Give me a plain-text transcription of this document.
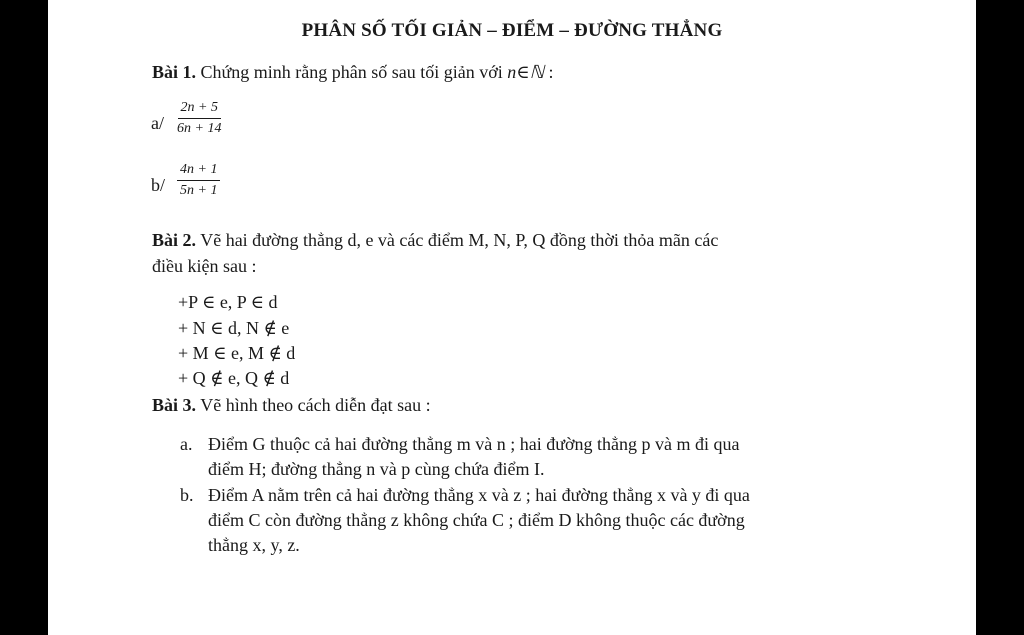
PHÂN SỐ TỐI GIẢN – ĐIỂM – ĐƯỜNG THẲNG
Bài 1. Chứng minh rằng phân số sau tối giản với n∈ℕ :
$a/ \frac{2n + 5}{6n + 14}$
$b/ \frac{4n + 1}{5n + 1}$
Bài 2. Vẽ hai đường thẳng d, e và các điểm M, N, P, Q đồng thời thỏa mãn các
điều kiện sau :
+P ∈ e, P ∈ d
+ N ∈ d, N ∉ e
+ M ∈ e, M ∉ d
+ Q ∉ e, Q ∉ d
Bài 3. Vẽ hình theo cách diễn đạt sau :
a. Điểm G thuộc cả hai đường thẳng m và n ; hai đường thẳng p và m đi qua
điểm H; đường thẳng n và p cùng chứa điểm I.
b. Điểm A nằm trên cả hai đường thẳng x và z ; hai đường thẳng x và y đi qua
điểm C còn đường thẳng z không chứa C ; điểm D không thuộc các đường
thẳng x, y, z.
